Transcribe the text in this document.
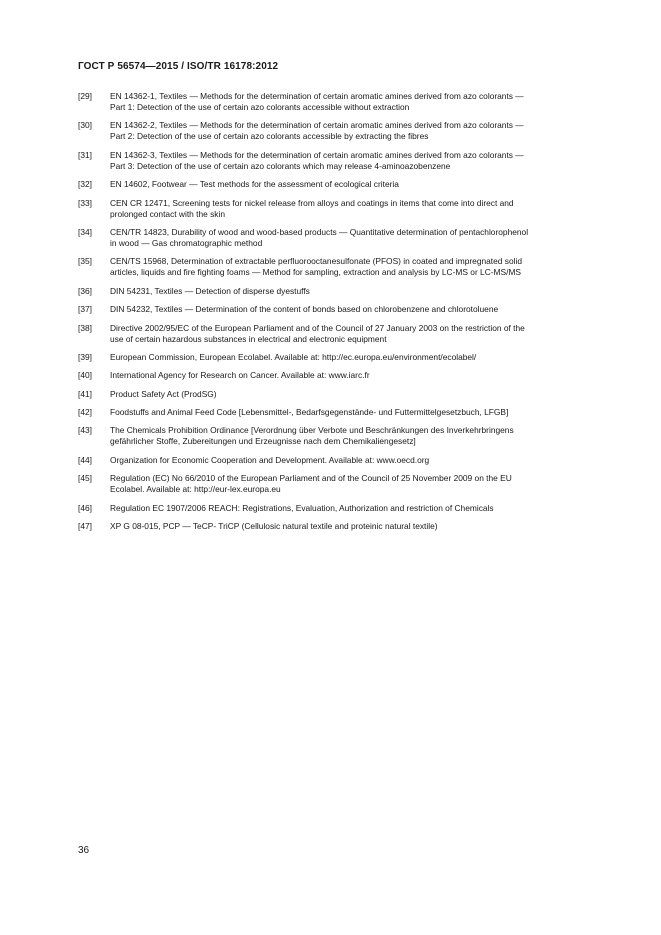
ГОСТ Р 56574—2015 / ISO/TR 16178:2012
[29]	EN 14362-1, Textiles — Methods for the determination of certain aromatic amines derived from azo colorants —
Part 1: Detection of the use of certain azo colorants accessible without extraction
[30]	EN 14362-2, Textiles — Methods for the determination of certain aromatic amines derived from azo colorants —
Part 2: Detection of the use of certain azo colorants accessible by extracting the fibres
[31]	EN 14362-3, Textiles — Methods for the determination of certain aromatic amines derived from azo colorants —
Part 3: Detection of the use of certain azo colorants which may release 4-aminoazobenzene
[32]	EN 14602, Footwear — Test methods for the assessment of ecological criteria
[33]	CEN CR 12471, Screening tests for nickel release from alloys and coatings in items that come into direct and
prolonged contact with the skin
[34]	CEN/TR 14823, Durability of wood and wood-based products — Quantitative determination of pentachlorophenol
in wood — Gas chromatographic method
[35]	CEN/TS 15968, Determination of extractable perfluorooctanesulfonate (PFOS) in coated and impregnated solid
articles, liquids and fire fighting foams — Method for sampling, extraction and analysis by LC-MS or LC-MS/MS
[36]	DIN 54231, Textiles — Detection of disperse dyestuffs
[37]	DIN 54232, Textiles — Determination of the content of bonds based on chlorobenzene and chlorotoluene
[38]	Directive 2002/95/EC of the European Parliament and of the Council of 27 January 2003 on the restriction of the
use of certain hazardous substances in electrical and electronic equipment
[39]	European Commission, European Ecolabel. Available at: http://ec.europa.eu/environment/ecolabel/
[40]	International Agency for Research on Cancer. Available at: www.iarc.fr
[41]	Product Safety Act (ProdSG)
[42]	Foodstuffs and Animal Feed Code [Lebensmittel-, Bedarfsgegenstände- und Futtermittelgesetzbuch, LFGB]
[43]	The Chemicals Prohibition Ordinance [Verordnung über Verbote und Beschränkungen des Inverkehrbringens
gefährlicher Stoffe, Zubereitungen und Erzeugnisse nach dem Chemikaliengesetz]
[44]	Organization for Economic Cooperation and Development. Available at: www.oecd.org
[45]	Regulation (EC) No 66/2010 of the European Parliament and of the Council of 25 November 2009 on the EU
Ecolabel. Available at: http://eur-lex.europa.eu
[46]	Regulation EC 1907/2006 REACH: Registrations, Evaluation, Authorization and restriction of Chemicals
[47]	XP G 08-015, PCP — TeCP- TriCP (Cellulosic natural textile and proteinic natural textile)
36
